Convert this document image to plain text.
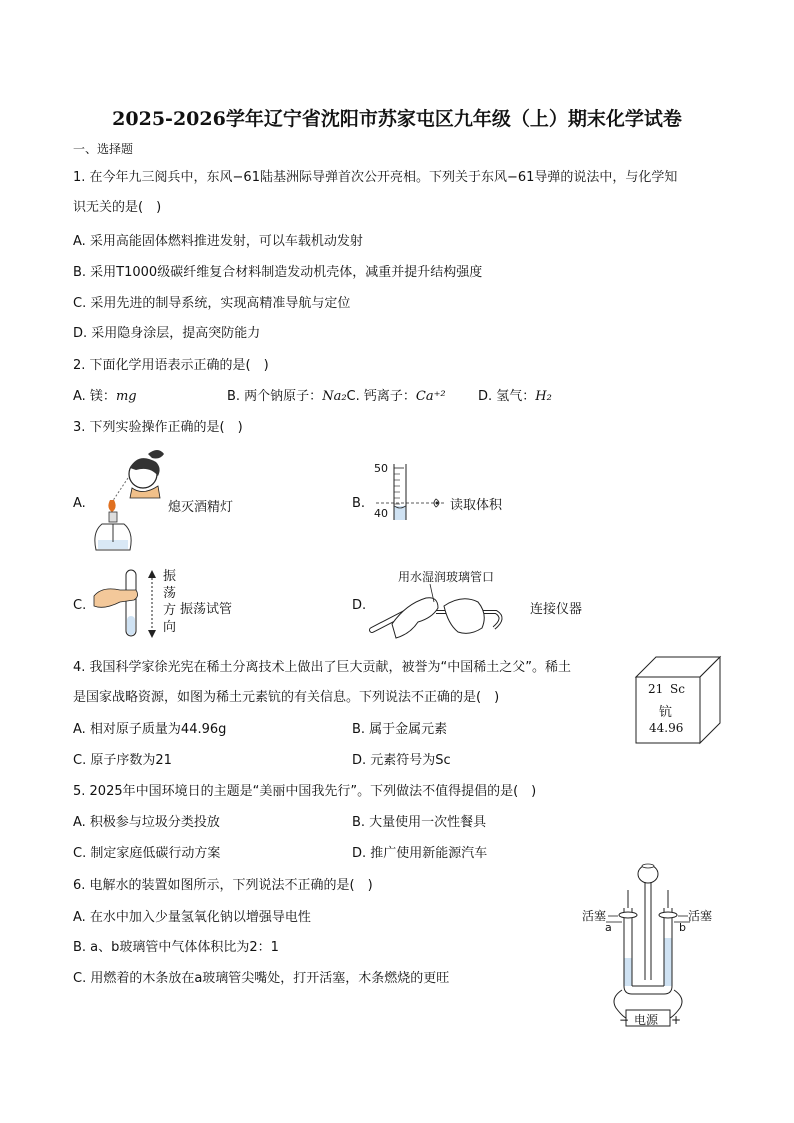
2025-2026学年辽宁省沈阳市苏家屯区九年级（上）期末化学试卷
一、选择题
1. 在今年九三阅兵中，东风−61陆基洲际导弹首次公开亮相。下列关于东风−61导弹的说法中，与化学知
识无关的是(　)
A. 采用高能固体燃料推进发射，可以车载机动发射
B. 采用T1000级碳纤维复合材料制造发动机壳体，减重并提升结构强度
C. 采用先进的制导系统，实现高精准导航与定位
D. 采用隐身涂层，提高突防能力
2. 下面化学用语表示正确的是(　)
A. 镁：mg	B. 两个钠原子：Na₂C. 钙离子：Ca⁺² D. 氢气：H₂
3. 下列实验操作正确的是(　)
A.	熄灭酒精灯	B.
50
40
读取体积
C.
振
荡
方
向
振荡试管	D.
用水湿润玻璃管口
连接仪器
4. 我国科学家徐光宪在稀土分离技术上做出了巨大贡献，被誉为“中国稀土之父”。稀土
是国家战略资源，如图为稀土元素钪的有关信息。下列说法不正确的是(　)
A. 相对原子质量为44.96g	B. 属于金属元素
C. 原子序数为21	D. 元素符号为Sc
21 Sc
钪
44.96
5. 2025年中国环境日的主题是“美丽中国我先行”。下列做法不值得提倡的是(　)
A. 积极参与垃圾分类投放	B. 大量使用一次性餐具
C. 制定家庭低碳行动方案	D. 推广使用新能源汽车
6. 电解水的装置如图所示，下列说法不正确的是(　)
A. 在水中加入少量氢氧化钠以增强导电性
B. a、b玻璃管中气体体积比为2：1
C. 用燃着的木条放在a玻璃管尖嘴处，打开活塞，木条燃烧的更旺
活塞	活塞
a	b
电源
−	+
